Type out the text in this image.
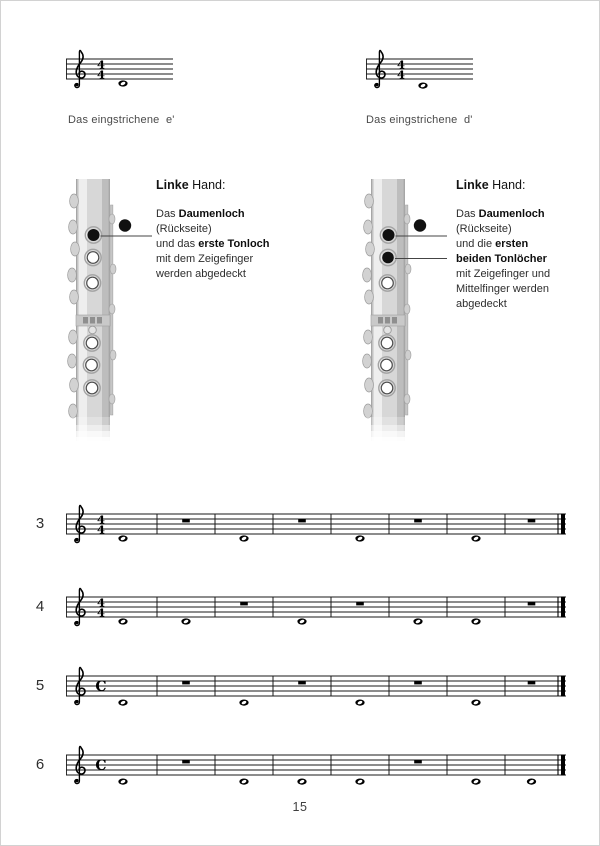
4
4
Das eingstrichene  e'
4
4
Das eingstrichene  d'
Linke Hand:
Das Daumenloch
(Rückseite)
und das erste Tonloch
mit dem Zeigefinger
werden abgedeckt
Linke Hand:
Das Daumenloch
(Rückseite)
und die ersten
beiden Tonlöcher
mit Zeigefinger und
Mittelfinger werden
abgedeckt
3	4
4
4	4
4
5	C
6	C
15
